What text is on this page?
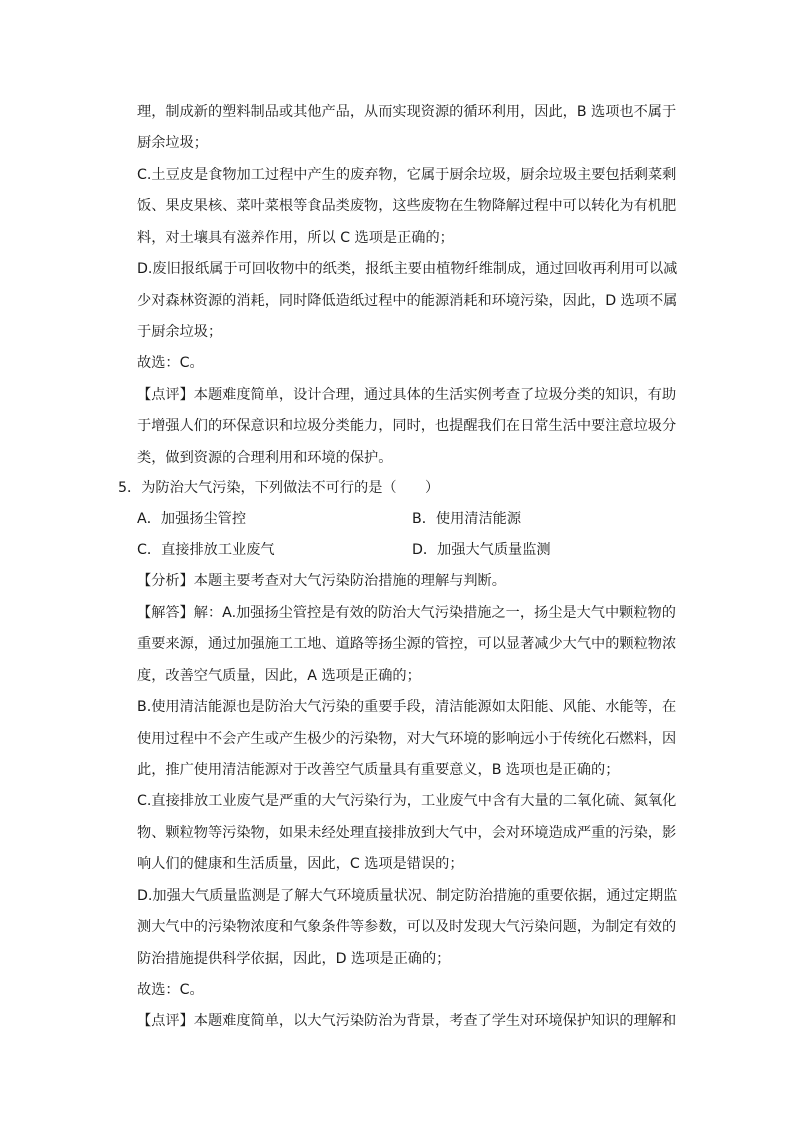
理，制成新的塑料制品或其他产品，从而实现资源的循环利用，因此，B 选项也不属于
厨余垃圾；
C.土豆皮是食物加工过程中产生的废弃物，它属于厨余垃圾，厨余垃圾主要包括剩菜剩
饭、果皮果核、菜叶菜根等食品类废物，这些废物在生物降解过程中可以转化为有机肥
料，对土壤具有滋养作用，所以 C 选项是正确的；
D.废旧报纸属于可回收物中的纸类，报纸主要由植物纤维制成，通过回收再利用可以减
少对森林资源的消耗，同时降低造纸过程中的能源消耗和环境污染，因此，D 选项不属
于厨余垃圾；
故选：C。
【点评】本题难度简单，设计合理，通过具体的生活实例考查了垃圾分类的知识，有助
于增强人们的环保意识和垃圾分类能力，同时，也提醒我们在日常生活中要注意垃圾分
类，做到资源的合理利用和环境的保护。
5．为防治大气污染，下列做法不可行的是（　　）
A．加强扬尘管控	B．使用清洁能源
C．直接排放工业废气	D．加强大气质量监测
【分析】本题主要考查对大气污染防治措施的理解与判断。
【解答】解：A.加强扬尘管控是有效的防治大气污染措施之一，扬尘是大气中颗粒物的
重要来源，通过加强施工工地、道路等扬尘源的管控，可以显著减少大气中的颗粒物浓
度，改善空气质量，因此，A 选项是正确的；
B.使用清洁能源也是防治大气污染的重要手段，清洁能源如太阳能、风能、水能等，在
使用过程中不会产生或产生极少的污染物，对大气环境的影响远小于传统化石燃料，因
此，推广使用清洁能源对于改善空气质量具有重要意义，B 选项也是正确的；
C.直接排放工业废气是严重的大气污染行为，工业废气中含有大量的二氧化硫、氮氧化
物、颗粒物等污染物，如果未经处理直接排放到大气中，会对环境造成严重的污染，影
响人们的健康和生活质量，因此，C 选项是错误的；
D.加强大气质量监测是了解大气环境质量状况、制定防治措施的重要依据，通过定期监
测大气中的污染物浓度和气象条件等参数，可以及时发现大气污染问题，为制定有效的
防治措施提供科学依据，因此，D 选项是正确的；
故选：C。
【点评】本题难度简单，以大气污染防治为背景，考查了学生对环境保护知识的理解和
